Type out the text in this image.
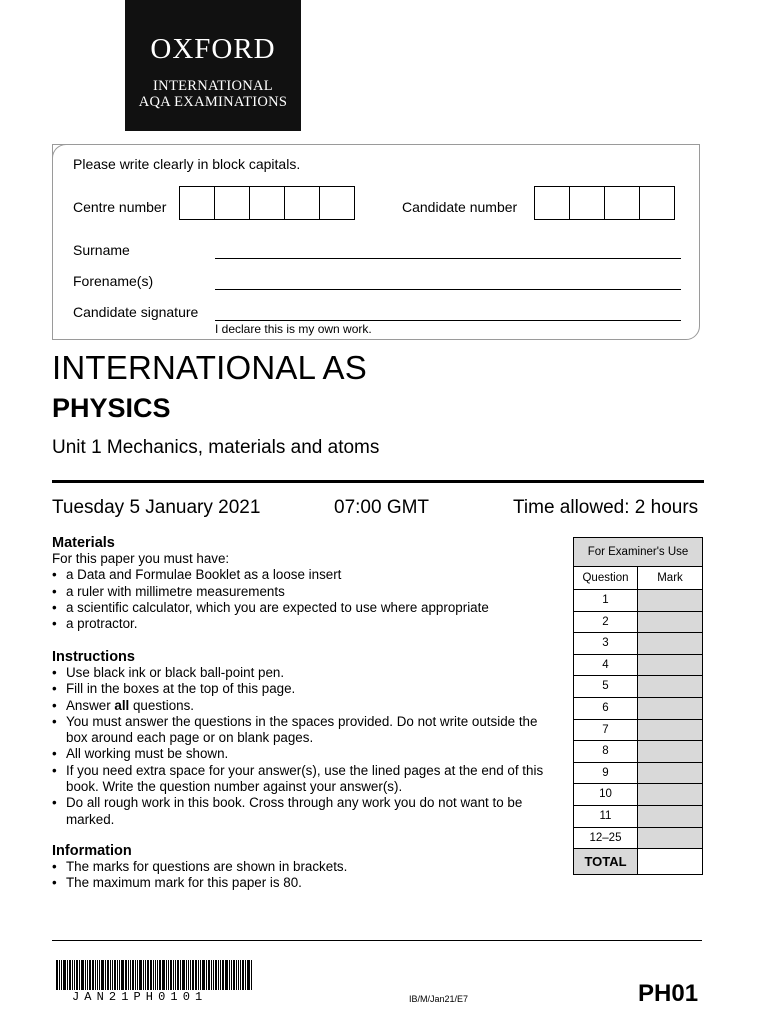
OXFORD
INTERNATIONAL
AQA EXAMINATIONS
Please write clearly in block capitals.
Centre number	Candidate number
Surname
Forename(s)
Candidate signature
I declare this is my own work.
INTERNATIONAL AS
PHYSICS
Unit 1 Mechanics, materials and atoms
Tuesday 5 January 2021	07:00 GMT	Time allowed: 2 hours
Materials
For this paper you must have:
• a Data and Formulae Booklet as a loose insert
• a ruler with millimetre measurements
• a scientific calculator, which you are expected to use where appropriate
• a protractor.
Instructions
• Use black ink or black ball-point pen.
• Fill in the boxes at the top of this page.
• Answer all questions.
• You must answer the questions in the spaces provided. Do not write outside the box around each page or on blank pages.
• All working must be shown.
• If you need extra space for your answer(s), use the lined pages at the end of this book. Write the question number against your answer(s).
• Do all rough work in this book. Cross through any work you do not want to be marked.
Information
• The marks for questions are shown in brackets.
• The maximum mark for this paper is 80.
For Examiner's Use
Question	Mark
1
2
3
4
5
6
7
8
9
10
11
12–25
TOTAL
JAN21PH0101	IB/M/Jan21/E7	PH01
